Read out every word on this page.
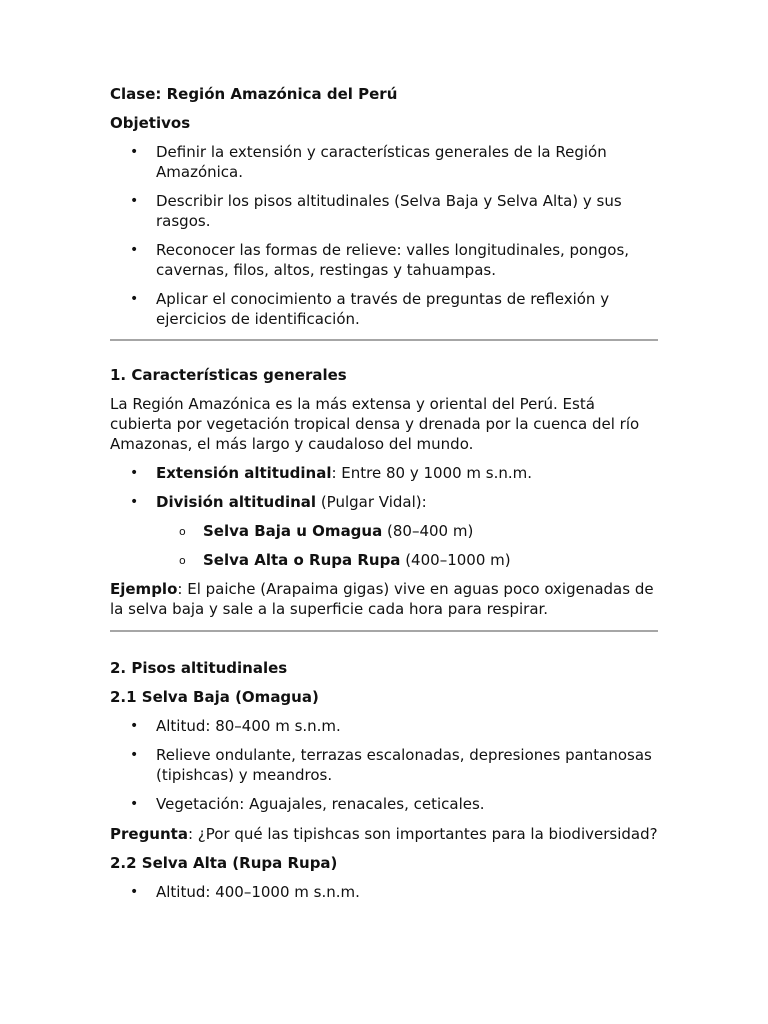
Clase: Región Amazónica del Perú

Objetivos

• Definir la extensión y características generales de la Región Amazónica.
• Describir los pisos altitudinales (Selva Baja y Selva Alta) y sus rasgos.
• Reconocer las formas de relieve: valles longitudinales, pongos, cavernas, filos, altos, restingas y tahuampas.
• Aplicar el conocimiento a través de preguntas de reflexión y ejercicios de identificación.

1. Características generales

La Región Amazónica es la más extensa y oriental del Perú. Está cubierta por vegetación tropical densa y drenada por la cuenca del río Amazonas, el más largo y caudaloso del mundo.

• Extensión altitudinal: Entre 80 y 1000 m s.n.m.
• División altitudinal (Pulgar Vidal):
o Selva Baja u Omagua (80–400 m)
o Selva Alta o Rupa Rupa (400–1000 m)

Ejemplo: El paiche (Arapaima gigas) vive en aguas poco oxigenadas de la selva baja y sale a la superficie cada hora para respirar.

2. Pisos altitudinales

2.1 Selva Baja (Omagua)

• Altitud: 80–400 m s.n.m.
• Relieve ondulante, terrazas escalonadas, depresiones pantanosas (tipishcas) y meandros.
• Vegetación: Aguajales, renacales, ceticales.

Pregunta: ¿Por qué las tipishcas son importantes para la biodiversidad?

2.2 Selva Alta (Rupa Rupa)

• Altitud: 400–1000 m s.n.m.
